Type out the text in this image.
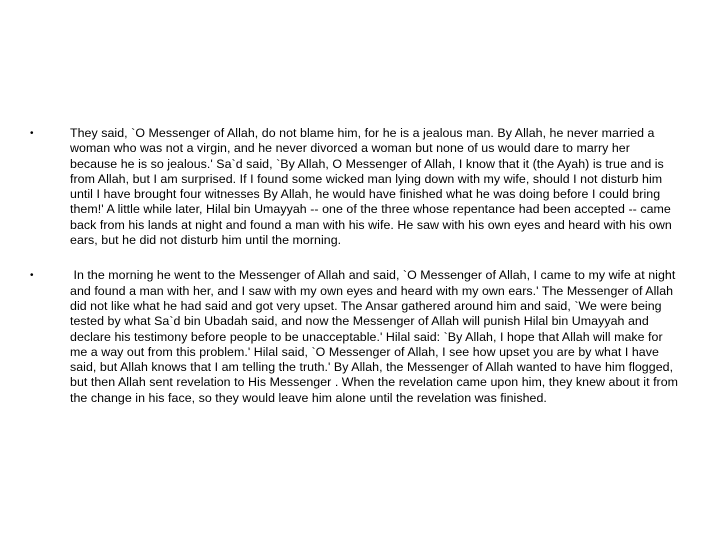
•	They said, `O Messenger of Allah, do not blame him, for he is a jealous man. By Allah, he never married a woman who was not a virgin, and he never divorced a woman but none of us would dare to marry her because he is so jealous.' Sa`d said, `By Allah, O Messenger of Allah, I know that it (the Ayah) is true and is from Allah, but I am surprised. If I found some wicked man lying down with my wife, should I not disturb him until I have brought four witnesses By Allah, he would have finished what he was doing before I could bring them!' A little while later, Hilal bin Umayyah -- one of the three whose repentance had been accepted -- came back from his lands at night and found a man with his wife. He saw with his own eyes and heard with his own ears, but he did not disturb him until the morning.
•	In the morning he went to the Messenger of Allah and said, `O Messenger of Allah, I came to my wife at night and found a man with her, and I saw with my own eyes and heard with my own ears.' The Messenger of Allah did not like what he had said and got very upset. The Ansar gathered around him and said, `We were being tested by what Sa`d bin Ubadah said, and now the Messenger of Allah will punish Hilal bin Umayyah and declare his testimony before people to be unacceptable.' Hilal said: `By Allah, I hope that Allah will make for me a way out from this problem.' Hilal said, `O Messenger of Allah, I see how upset you are by what I have said, but Allah knows that I am telling the truth.' By Allah, the Messenger of Allah wanted to have him flogged, but then Allah sent revelation to His Messenger . When the revelation came upon him, they knew about it from the change in his face, so they would leave him alone until the revelation was finished.
